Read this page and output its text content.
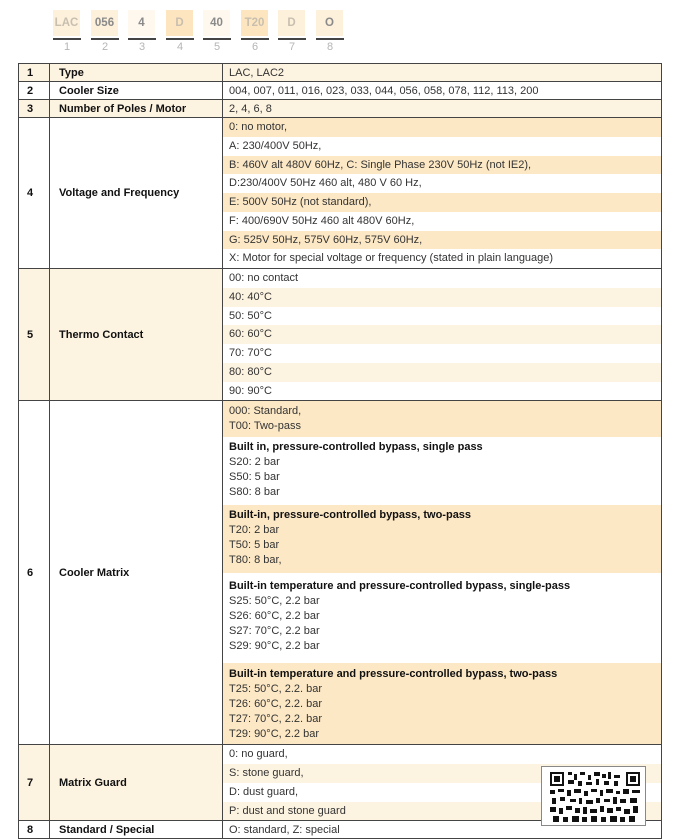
LAC
1
056
2
4
3
D
4
40
5
T20
6
D
7
O
8
1	Type	LAC, LAC2
2	Cooler Size	004, 007, 011, 016, 023, 033, 044, 056, 058, 078, 112, 113, 200
3	Number of Poles / Motor	2, 4, 6, 8
4	Voltage and Frequency	
0: no motor,
A: 230/400V 50Hz,
B: 460V alt 480V 60Hz, C: Single Phase 230V 50Hz (not IE2),
D:230/400V 50Hz 460 alt, 480 V 60 Hz,
E: 500V 50Hz (not standard),
F: 400/690V 50Hz 460 alt 480V 60Hz,
G: 525V 50Hz, 575V 60Hz, 575V 60Hz,
X: Motor for special voltage or frequency (stated in plain language)

5	Thermo Contact	
00: no contact
40: 40°C
50: 50°C
60: 60°C
70: 70°C
80: 80°C
90: 90°C

6	Cooler Matrix	
000: Standard,
T00: Two-pass
Built in, pressure-controlled bypass, single pass
S20: 2 bar
S50: 5 bar
S80: 8 bar
Built-in, pressure-controlled bypass, two-pass
T20: 2 bar
T50: 5 bar
T80: 8 bar,
Built-in temperature and pressure-controlled bypass, single-pass
S25: 50°C, 2.2 bar
S26: 60°C, 2.2 bar
S27: 70°C, 2.2 bar
S29: 90°C, 2.2 bar
Built-in temperature and pressure-controlled bypass, two-pass
T25: 50°C, 2.2. bar
T26: 60°C, 2.2. bar
T27: 70°C, 2.2. bar
T29: 90°C, 2.2 bar

7	Matrix Guard	0: no guard,
S: stone guard,
D: dust guard,
P: dust and stone guard

8	Standard / Special	O: standard, Z: special
